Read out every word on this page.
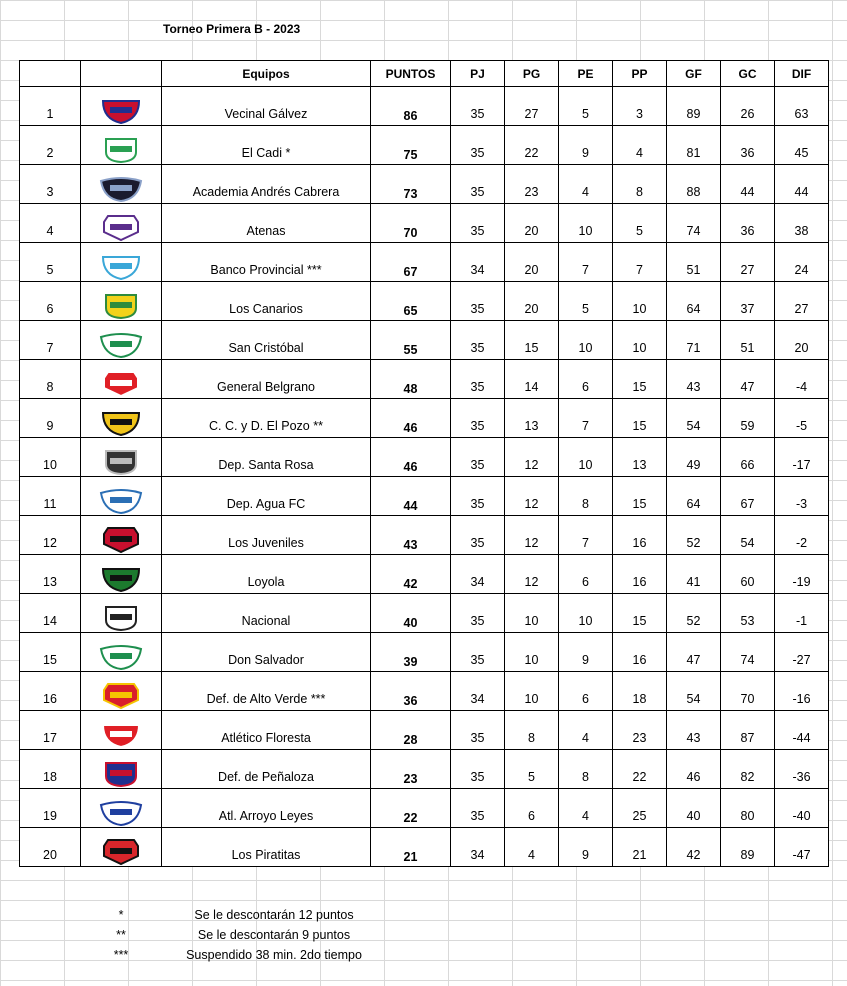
Torneo Primera B - 2023
		Equipos	PUNTOS	PJ	PG	PE	PP	GF	GC	DIF
1		Vecinal Gálvez	86	35	27	5	3	89	26	63
2		El Cadi *	75	35	22	9	4	81	36	45
3		Academia Andrés Cabrera	73	35	23	4	8	88	44	44
4		Atenas	70	35	20	10	5	74	36	38
5		Banco Provincial ***	67	34	20	7	7	51	27	24
6		Los Canarios	65	35	20	5	10	64	37	27
7		San Cristóbal	55	35	15	10	10	71	51	20
8		General Belgrano	48	35	14	6	15	43	47	-4
9		C. C. y D. El Pozo **	46	35	13	7	15	54	59	-5
10		Dep. Santa Rosa	46	35	12	10	13	49	66	-17
11		Dep. Agua FC	44	35	12	8	15	64	67	-3
12		Los Juveniles	43	35	12	7	16	52	54	-2
13		Loyola	42	34	12	6	16	41	60	-19
14		Nacional	40	35	10	10	15	52	53	-1
15		Don Salvador	39	35	10	9	16	47	74	-27
16		Def. de Alto Verde ***	36	34	10	6	18	54	70	-16
17		Atlético Floresta	28	35	8	4	23	43	87	-44
18		Def. de Peñaloza	23	35	5	8	22	46	82	-36
19		Atl. Arroyo Leyes	22	35	6	4	25	40	80	-40
20		Los Piratitas	21	34	4	9	21	42	89	-47
*	Se le descontarán 12 puntos
**	Se le descontarán 9 puntos
***	Suspendido 38 min. 2do tiempo
